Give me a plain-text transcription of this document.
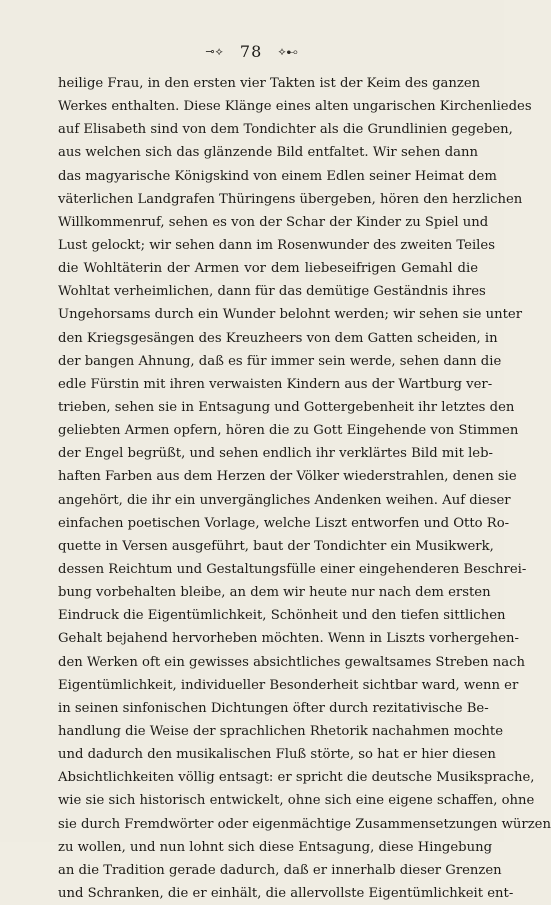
⊸⟡ 78 ⟡⊷
heilige Frau, in den ersten vier Takten ist der Keim des ganzen
Werkes enthalten. Diese Klänge eines alten ungarischen Kirchenliedes
auf Elisabeth sind von dem Tondichter als die Grundlinien gegeben,
aus welchen sich das glänzende Bild entfaltet. Wir sehen dann
das magyarische Königskind von einem Edlen seiner Heimat dem
väterlichen Landgrafen Thüringens übergeben, hören den herzlichen
Willkommenruf, sehen es von der Schar der Kinder zu Spiel und
Lust gelockt; wir sehen dann im Rosenwunder des zweiten Teiles
die Wohltäterin der Armen vor dem liebeseifrigen Gemahl die
Wohltat verheimlichen, dann für das demütige Geständnis ihres
Ungehorsams durch ein Wunder belohnt werden; wir sehen sie unter
den Kriegsgesängen des Kreuzheers von dem Gatten scheiden, in
der bangen Ahnung, daß es für immer sein werde, sehen dann die
edle Fürstin mit ihren verwaisten Kindern aus der Wartburg ver-
trieben, sehen sie in Entsagung und Gottergebenheit ihr letztes den
geliebten Armen opfern, hören die zu Gott Eingehende von Stimmen
der Engel begrüßt, und sehen endlich ihr verklärtes Bild mit leb-
haften Farben aus dem Herzen der Völker wiederstrahlen, denen sie
angehört, die ihr ein unvergängliches Andenken weihen. Auf dieser
einfachen poetischen Vorlage, welche Liszt entworfen und Otto Ro-
quette in Versen ausgeführt, baut der Tondichter ein Musikwerk,
dessen Reichtum und Gestaltungsfülle einer eingehenderen Beschrei-
bung vorbehalten bleibe, an dem wir heute nur nach dem ersten
Eindruck die Eigentümlichkeit, Schönheit und den tiefen sittlichen
Gehalt bejahend hervorheben möchten. Wenn in Liszts vorhergehen-
den Werken oft ein gewisses absichtliches gewaltsames Streben nach
Eigentümlichkeit, individueller Besonderheit sichtbar ward, wenn er
in seinen sinfonischen Dichtungen öfter durch rezitativische Be-
handlung die Weise der sprachlichen Rhetorik nachahmen mochte
und dadurch den musikalischen Fluß störte, so hat er hier diesen
Absichtlichkeiten völlig entsagt: er spricht die deutsche Musiksprache,
wie sie sich historisch entwickelt, ohne sich eine eigene schaffen, ohne
sie durch Fremdwörter oder eigenmächtige Zusammensetzungen würzen
zu wollen, und nun lohnt sich diese Entsagung, diese Hingebung
an die Tradition gerade dadurch, daß er innerhalb dieser Grenzen
und Schranken, die er einhält, die allervollste Eigentümlichkeit ent-
